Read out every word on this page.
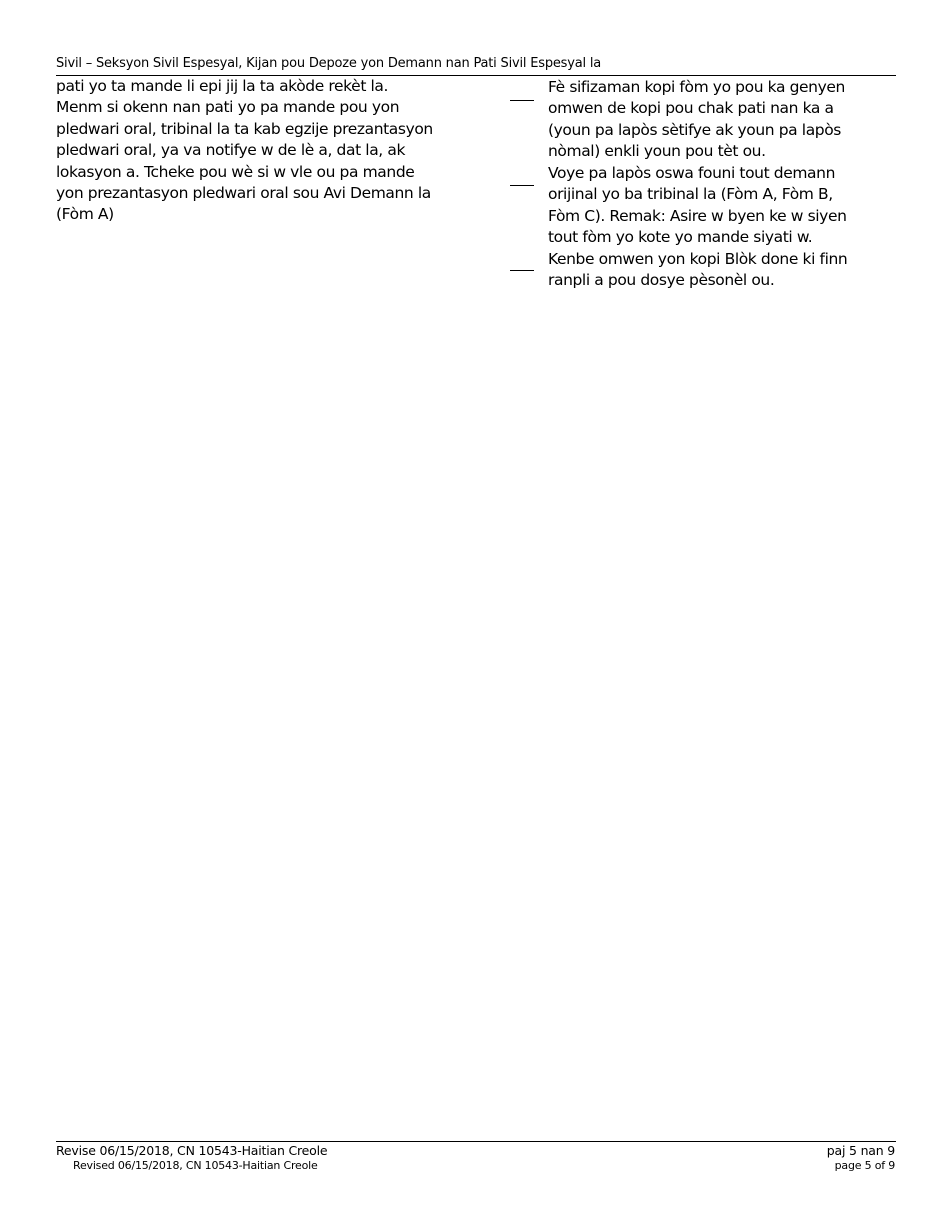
Sivil – Seksyon Sivil Espesyal, Kijan pou Depoze yon Demann nan Pati Sivil Espesyal la
pati yo ta mande li epi jij la ta akòde rekèt la.
Menm si okenn nan pati yo pa mande pou yon
pledwari oral, tribinal la ta kab egzije prezantasyon
pledwari oral, ya va notifye w de lè a, dat la, ak
lokasyon a. Tcheke pou wè si w vle ou pa mande
yon prezantasyon pledwari oral sou Avi Demann la
(Fòm A)
Fè sifizaman kopi fòm yo pou ka genyen
omwen de kopi pou chak pati nan ka a
(youn pa lapòs sètifye ak youn pa lapòs
nòmal) enkli youn pou tèt ou.
Voye pa lapòs oswa founi tout demann
orijinal yo ba tribinal la (Fòm A, Fòm B,
Fòm C). Remak: Asire w byen ke w siyen
tout fòm yo kote yo mande siyati w.
Kenbe omwen yon kopi Blòk done ki finn
ranpli a pou dosye pèsonèl ou.
Revise 06/15/2018, CN 10543-Haitian Creole
Revised 06/15/2018, CN 10543-Haitian Creole
paj 5 nan 9
page 5 of 9
